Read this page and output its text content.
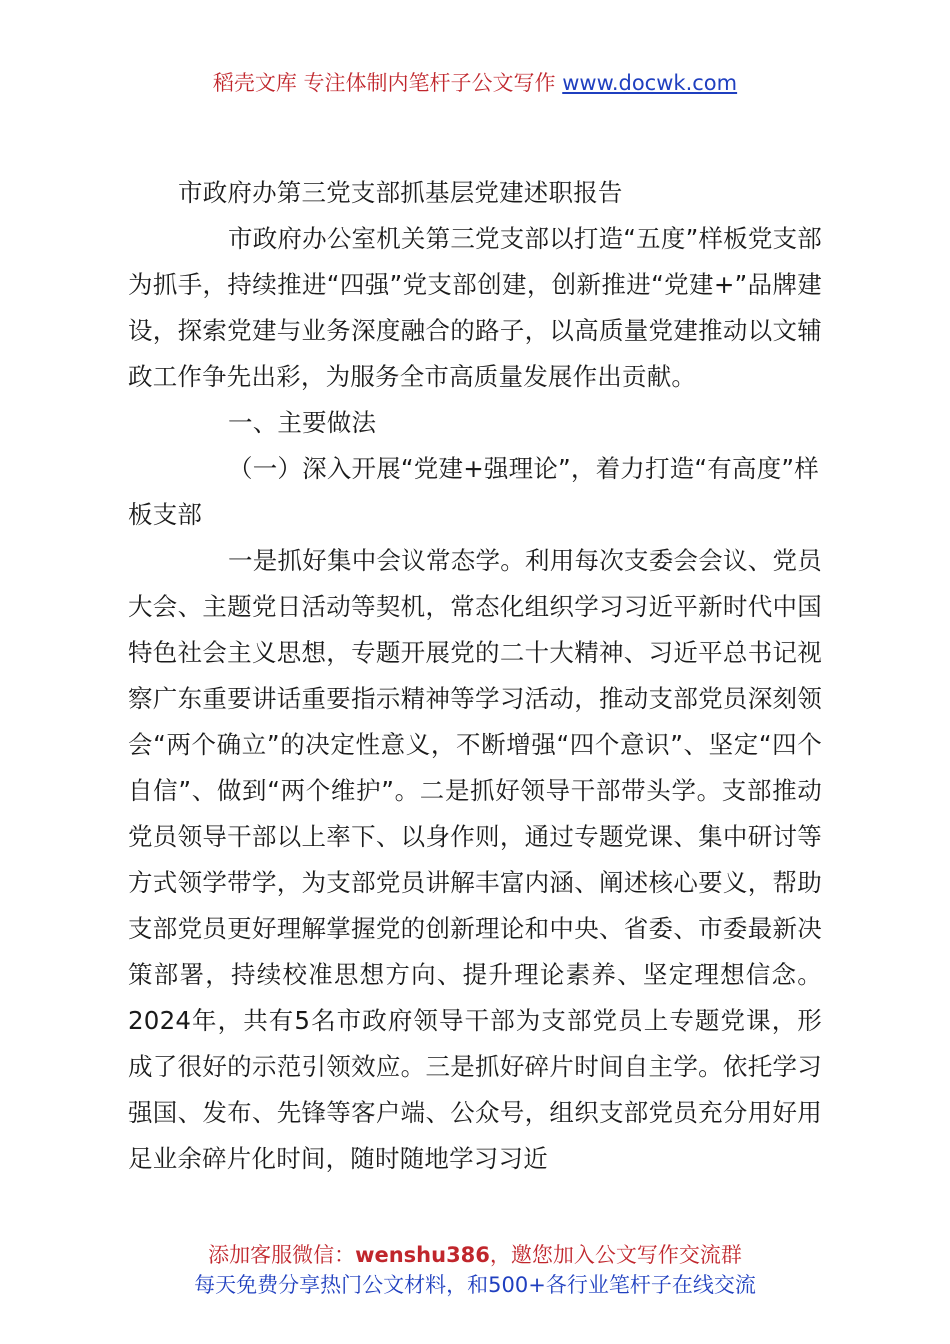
稻壳文库 专注体制内笔杆子公文写作 www.docwk.com
市政府办第三党支部抓基层党建述职报告

市政府办公室机关第三党支部以打造“五度”样板党支部为抓手，持续推进“四强”党支部创建，创新推进“党建+”品牌建设，探索党建与业务深度融合的路子，以高质量党建推动以文辅政工作争先出彩，为服务全市高质量发展作出贡献。

一、主要做法

（一）深入开展“党建+强理论”，着力打造“有高度”样板支部

一是抓好集中会议常态学。利用每次支委会会议、党员大会、主题党日活动等契机，常态化组织学习习近平新时代中国特色社会主义思想，专题开展党的二十大精神、习近平总书记视察广东重要讲话重要指示精神等学习活动，推动支部党员深刻领会“两个确立”的决定性意义，不断增强“四个意识”、坚定“四个自信”、做到“两个维护”。二是抓好领导干部带头学。支部推动党员领导干部以上率下、以身作则，通过专题党课、集中研讨等方式领学带学，为支部党员讲解丰富内涵、阐述核心要义，帮助支部党员更好理解掌握党的创新理论和中央、省委、市委最新决策部署，持续校准思想方向、提升理论素养、坚定理想信念。2024年，共有5名市政府领导干部为支部党员上专题党课，形成了很好的示范引领效应。三是抓好碎片时间自主学。依托学习强国、发布、先锋等客户端、公众号，组织支部党员充分用好用足业余碎片化时间，随时随地学习习近

添加客服微信：wenshu386，邀您加入公文写作交流群
每天免费分享热门公文材料，和500+各行业笔杆子在线交流
